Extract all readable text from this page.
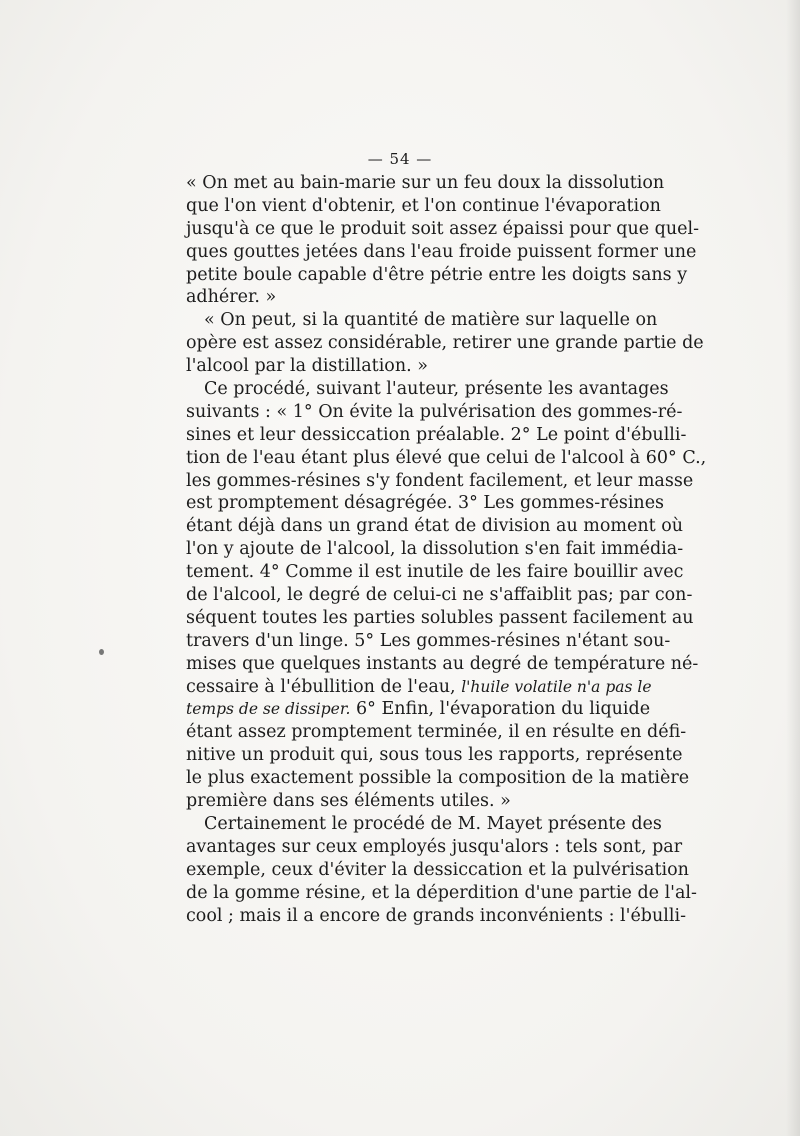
— 54 —
« On met au bain-marie sur un feu doux la dissolution
que l'on vient d'obtenir, et l'on continue l'évaporation
jusqu'à ce que le produit soit assez épaissi pour que quel-
ques gouttes jetées dans l'eau froide puissent former une
petite boule capable d'être pétrie entre les doigts sans y
adhérer. »
« On peut, si la quantité de matière sur laquelle on
opère est assez considérable, retirer une grande partie de
l'alcool par la distillation. »
Ce procédé, suivant l'auteur, présente les avantages
suivants : « 1° On évite la pulvérisation des gommes-ré-
sines et leur dessiccation préalable. 2° Le point d'ébulli-
tion de l'eau étant plus élevé que celui de l'alcool à 60° C.,
les gommes-résines s'y fondent facilement, et leur masse
est promptement désagrégée. 3° Les gommes-résines
étant déjà dans un grand état de division au moment où
l'on y ajoute de l'alcool, la dissolution s'en fait immédia-
tement. 4° Comme il est inutile de les faire bouillir avec
de l'alcool, le degré de celui-ci ne s'affaiblit pas; par con-
séquent toutes les parties solubles passent facilement au
travers d'un linge. 5° Les gommes-résines n'étant sou-
mises que quelques instants au degré de température né-
cessaire à l'ébullition de l'eau, l'huile volatile n'a pas le
temps de se dissiper. 6° Enfin, l'évaporation du liquide
étant assez promptement terminée, il en résulte en défi-
nitive un produit qui, sous tous les rapports, représente
le plus exactement possible la composition de la matière
première dans ses éléments utiles. »
Certainement le procédé de M. Mayet présente des
avantages sur ceux employés jusqu'alors : tels sont, par
exemple, ceux d'éviter la dessiccation et la pulvérisation
de la gomme résine, et la déperdition d'une partie de l'al-
cool ; mais il a encore de grands inconvénients : l'ébulli-
